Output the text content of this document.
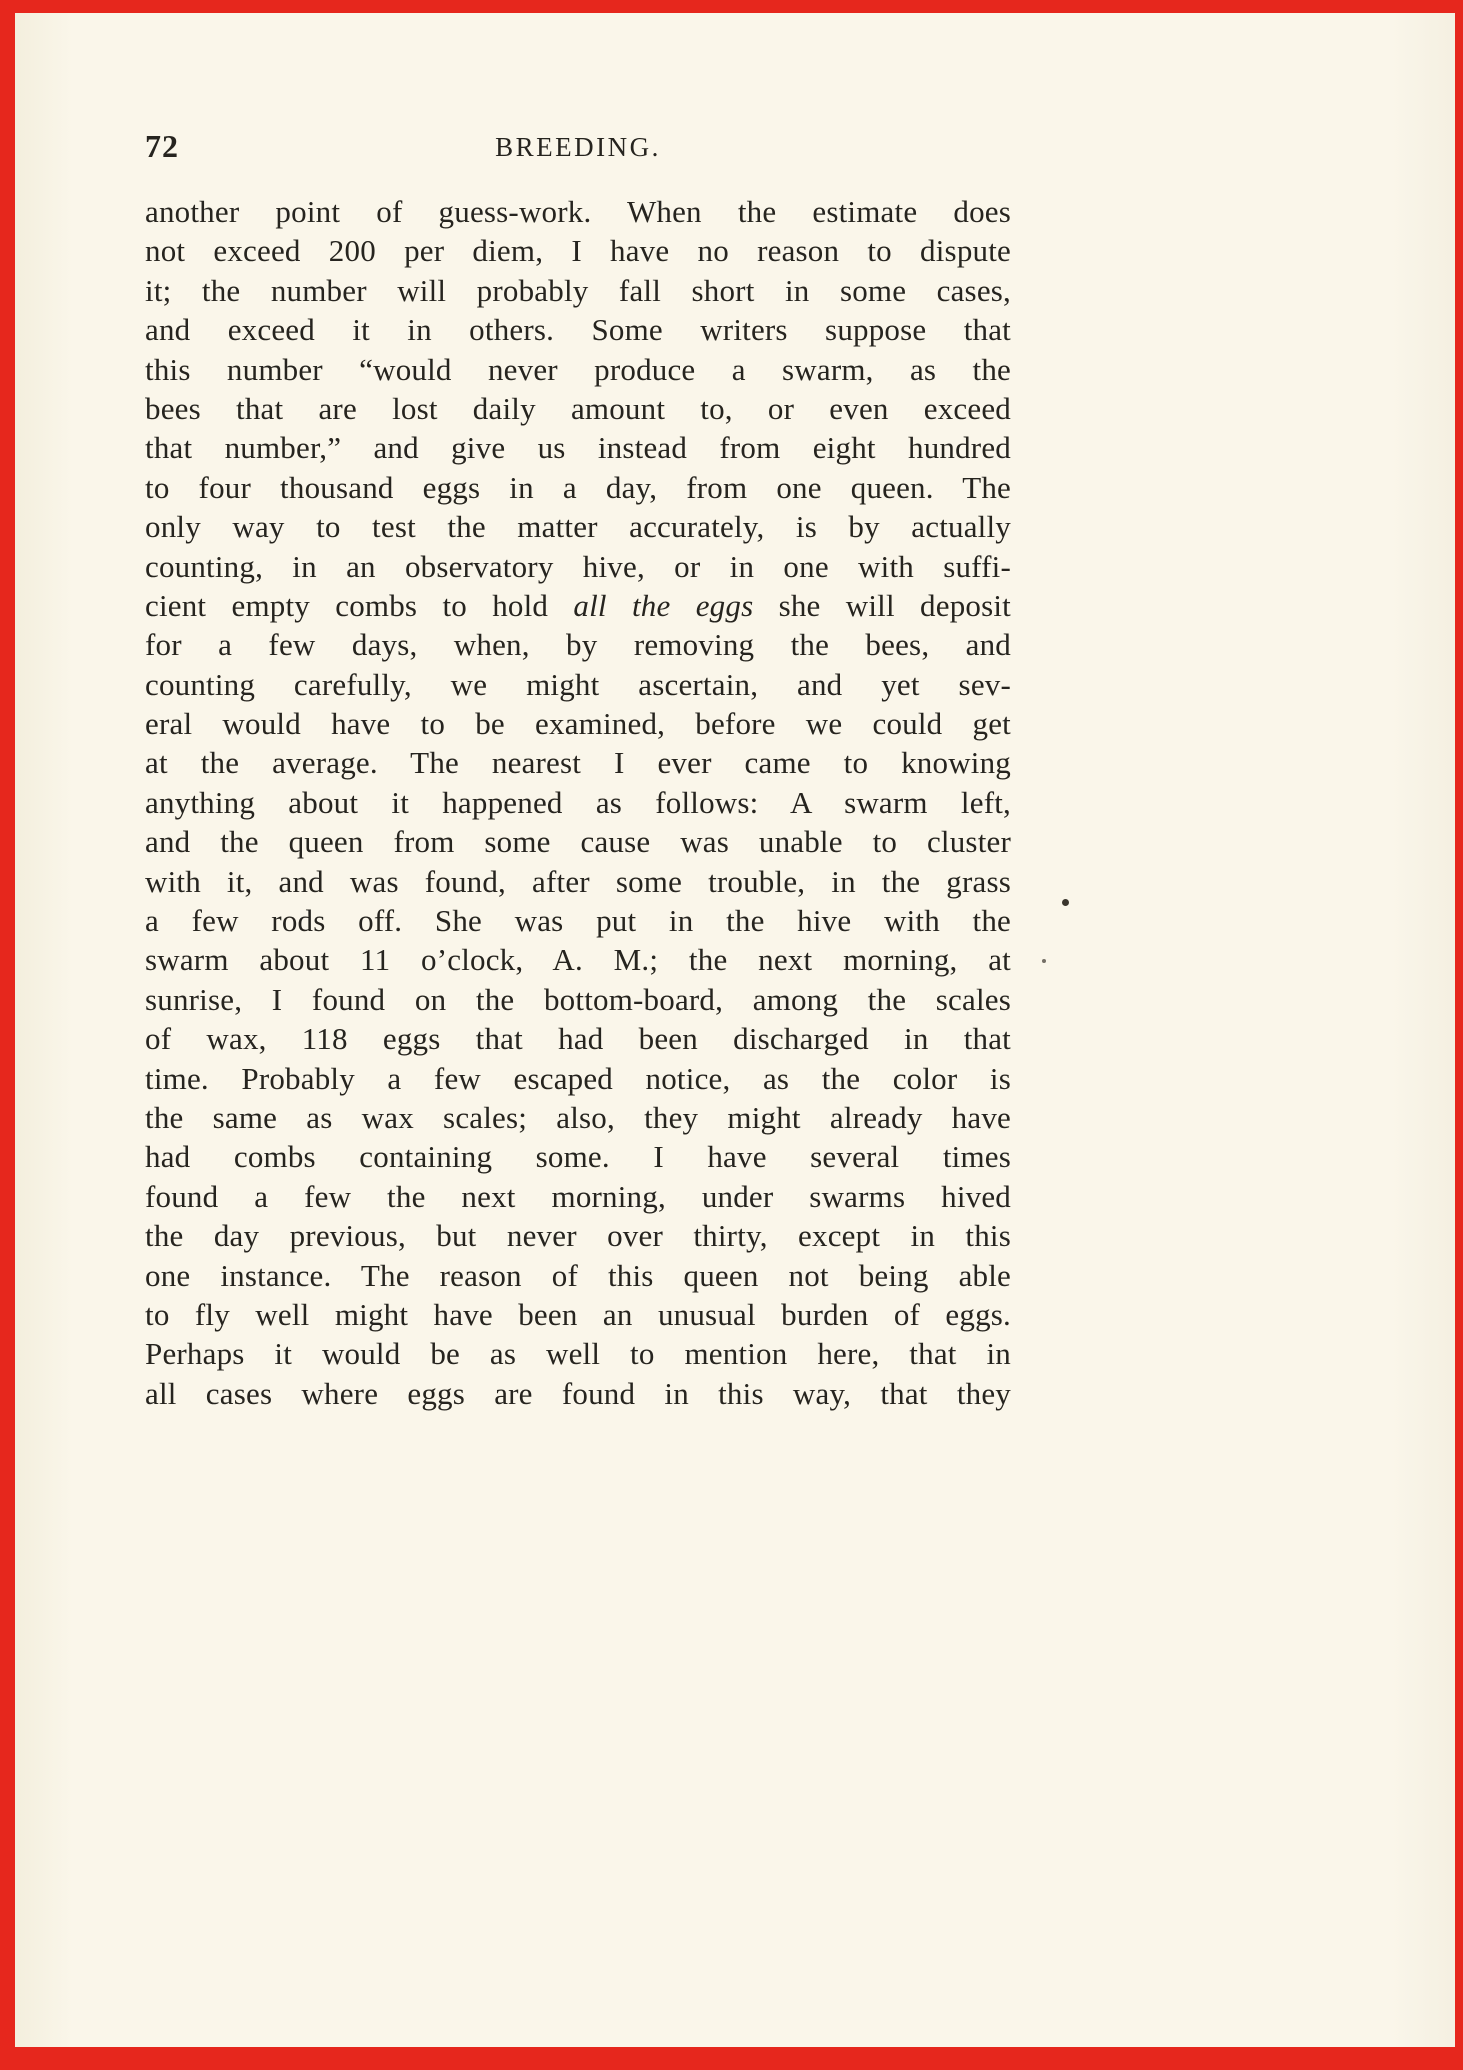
72	BREEDING.
another point of guess-work. When the estimate does
not exceed 200 per diem, I have no reason to dispute
it; the number will probably fall short in some cases,
and exceed it in others. Some writers suppose that
this number “would never produce a swarm, as the
bees that are lost daily amount to, or even exceed
that number,” and give us instead from eight hundred
to four thousand eggs in a day, from one queen. The
only way to test the matter accurately, is by actually
counting, in an observatory hive, or in one with suffi-
cient empty combs to hold all the eggs she will deposit
for a few days, when, by removing the bees, and
counting carefully, we might ascertain, and yet sev-
eral would have to be examined, before we could get
at the average. The nearest I ever came to knowing
anything about it happened as follows: A swarm left,
and the queen from some cause was unable to cluster
with it, and was found, after some trouble, in the grass
a few rods off. She was put in the hive with the
swarm about 11 o’clock, A. M.; the next morning, at
sunrise, I found on the bottom-board, among the scales
of wax, 118 eggs that had been discharged in that
time. Probably a few escaped notice, as the color is
the same as wax scales; also, they might already have
had combs containing some. I have several times
found a few the next morning, under swarms hived
the day previous, but never over thirty, except in this
one instance. The reason of this queen not being able
to fly well might have been an unusual burden of eggs.
Perhaps it would be as well to mention here, that in
all cases where eggs are found in this way, that they
